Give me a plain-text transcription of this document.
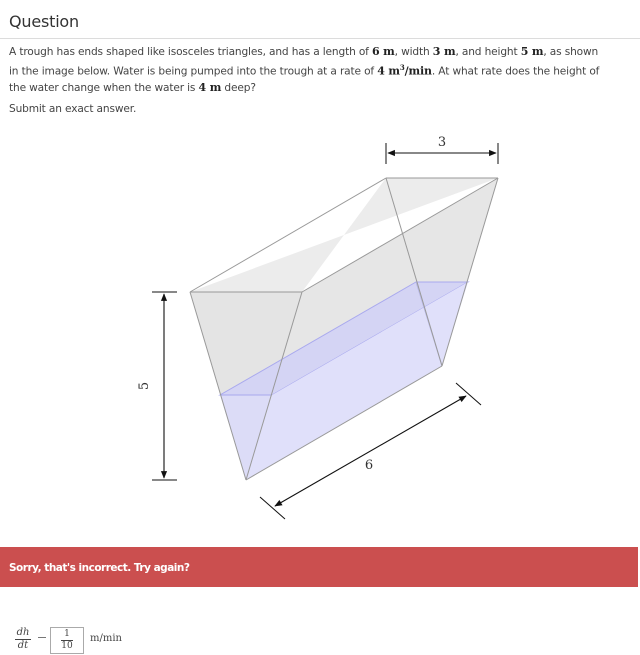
Question
A trough has ends shaped like isosceles triangles, and has a length of 6 m, width 3 m, and height 5 m, as shown in the image below. Water is being pumped into the trough at a rate of 4 $m^3/\min$. At what rate does the height of the water change when the water is 4 m deep?
Submit an exact answer.
3
5
6
Sorry, that's incorrect. Try again?
dh
dt
1
10
m/min
